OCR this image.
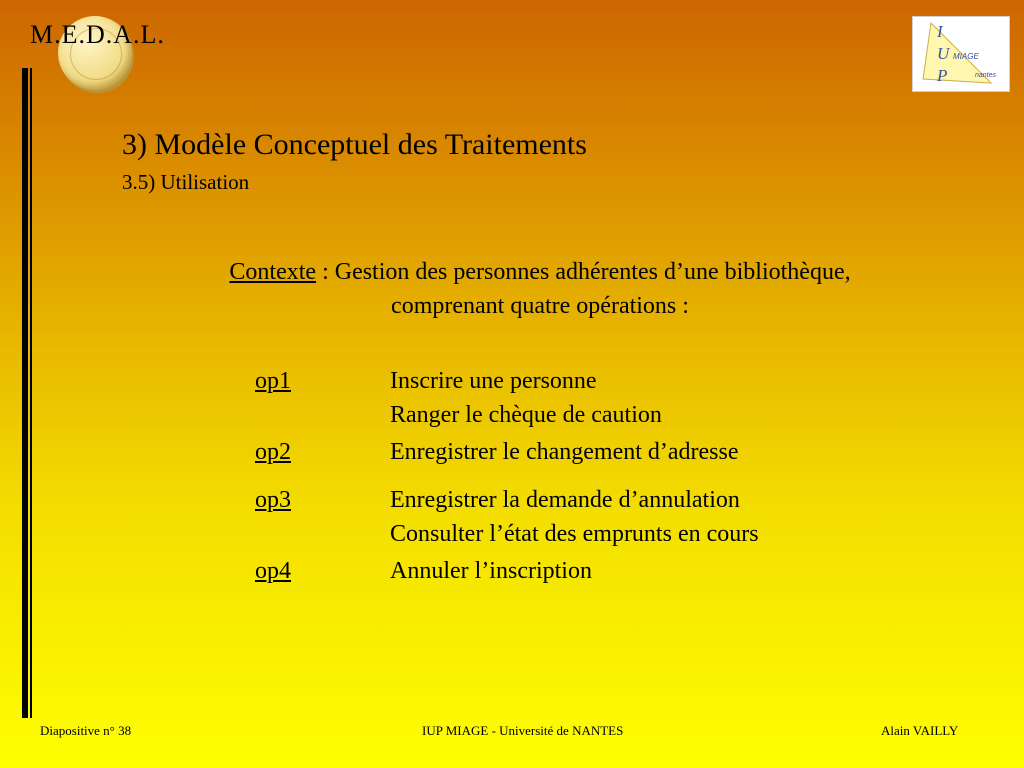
M.E.D.A.L.	I
U
P
MIAGE
nantes
3) Modèle Conceptuel des Traitements
3.5) Utilisation
Contexte : Gestion des personnes adhérentes d’une bibliothèque,
comprenant quatre opérations :
op1	Inscrire une personne
Ranger le chèque de caution
op2	Enregistrer le changement d’adresse
op3	Enregistrer la demande d’annulation
Consulter l’état des emprunts en cours
op4	Annuler l’inscription
Diapositive n° 38	IUP MIAGE - Université de NANTES	Alain VAILLY
